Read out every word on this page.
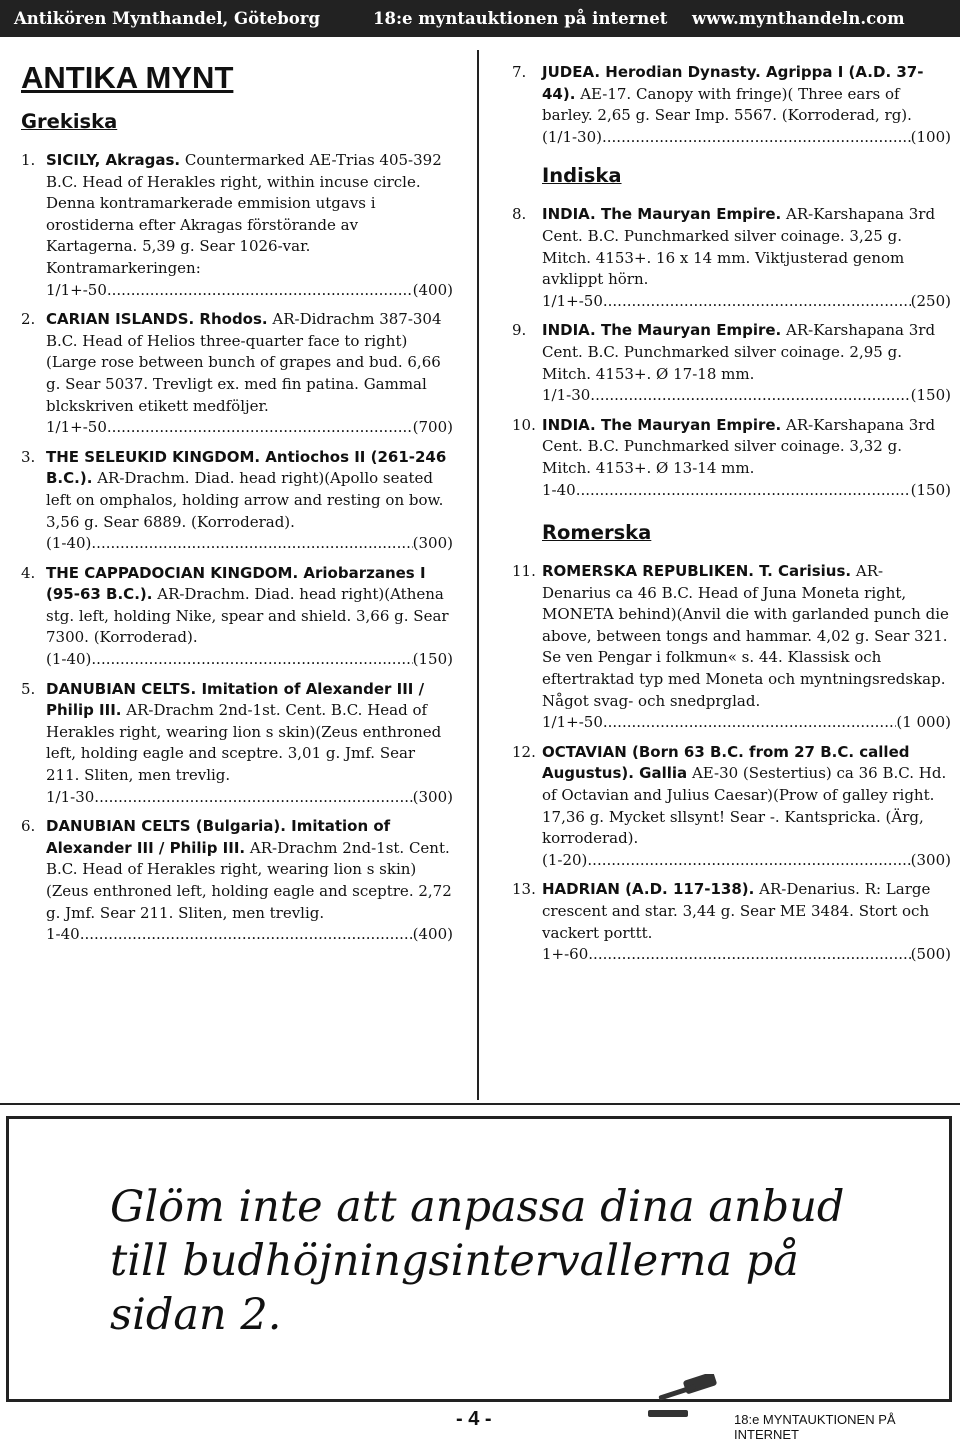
Antikören Mynthandel, Göteborg	18:e myntauktionen på internet www.mynthandeln.com
ANTIKA MYNT
Grekiska
1. SICILY, Akragas. Countermarked AE-Trias 405-392 B.C. Head of Herakles right, within incuse circle. Denna kontramarkerade emmision utgavs i orostiderna efter Akragas förstörande av Kartagerna. 5,39 g. Sear 1026-var. Kontramarkeringen:
1/1+-50 .....	(400)
2. CARIAN ISLANDS. Rhodos. AR-Didrachm 387-304 B.C. Head of Helios three-quarter face to right)(Large rose between bunch of grapes and bud. 6,66 g. Sear 5037. Trevligt ex. med fin patina. Gammal blckskriven etikett medföljer.
1/1+-50 .....	(700)
3. THE SELEUKID KINGDOM. Antiochos II (261-246 B.C.). AR-Drachm. Diad. head right)(Apollo seated left on omphalos, holding arrow and resting on bow. 3,56 g. Sear 6889. (Korroderad).
(1-40) .....	(300)
4. THE CAPPADOCIAN KINGDOM. Ariobarzanes I (95-63 B.C.). AR-Drachm. Diad. head right)(Athena stg. left, holding Nike, spear and shield. 3,66 g. Sear 7300. (Korroderad).
(1-40) .....	(150)
5. DANUBIAN CELTS. Imitation of Alexander III / Philip III. AR-Drachm 2nd-1st. Cent. B.C. Head of Herakles right, wearing lion s skin)(Zeus enthroned left, holding eagle and sceptre. 3,01 g. Jmf. Sear 211. Sliten, men trevlig.
1/1-30 .....	(300)
6. DANUBIAN CELTS (Bulgaria). Imitation of Alexander III / Philip III. AR-Drachm 2nd-1st. Cent. B.C. Head of Herakles right, wearing lion s skin)(Zeus enthroned left, holding eagle and sceptre. 2,72 g. Jmf. Sear 211. Sliten, men trevlig.
1-40 .....	(400)
7. JUDEA. Herodian Dynasty. Agrippa I (A.D. 37-44). AE-17. Canopy with fringe)( Three ears of barley. 2,65 g. Sear Imp. 5567. (Korroderad, rg).
(1/1-30) .....	(100)
Indiska
8. INDIA. The Mauryan Empire. AR-Karshapana 3rd Cent. B.C. Punchmarked silver coinage. 3,25 g. Mitch. 4153+. 16 x 14 mm. Viktjusterad genom avklippt hörn.
1/1+-50 .....	(250)
9. INDIA. The Mauryan Empire. AR-Karshapana 3rd Cent. B.C. Punchmarked silver coinage. 2,95 g. Mitch. 4153+. Ø 17-18 mm.
1/1-30 .....	(150)
10. INDIA. The Mauryan Empire. AR-Karshapana 3rd Cent. B.C. Punchmarked silver coinage. 3,32 g. Mitch. 4153+. Ø 13-14 mm.
1-40 .....	(150)
Romerska
11. ROMERSKA REPUBLIKEN. T. Carisius. AR-Denarius ca 46 B.C. Head of Juna Moneta right, MONETA behind)(Anvil die with garlanded punch die above, between tongs and hammar. 4,02 g. Sear 321. Se ven Pengar i folkmun« s. 44. Klassisk och eftertraktad typ med Moneta och myntningsredskap. Något svag- och snedprglad.
1/1+-50 .....	(1 000)
12. OCTAVIAN (Born 63 B.C. from 27 B.C. called Augustus). Gallia AE-30 (Sestertius) ca 36 B.C. Hd. of Octavian and Julius Caesar)(Prow of galley right. 17,36 g. Mycket sllsynt! Sear -. Kantspricka. (Ärg, korroderad).
(1-20) .....	(300)
13. HADRIAN (A.D. 117-138). AR-Denarius. R: Large crescent and star. 3,44 g. Sear ME 3484. Stort och vackert porttt.
1+-60 .....	(500)
Glöm inte att anpassa dina anbud till budhöjningsintervallerna på sidan 2.
- 4 -	18:e MYNTAUKTIONEN PÅ INTERNET
